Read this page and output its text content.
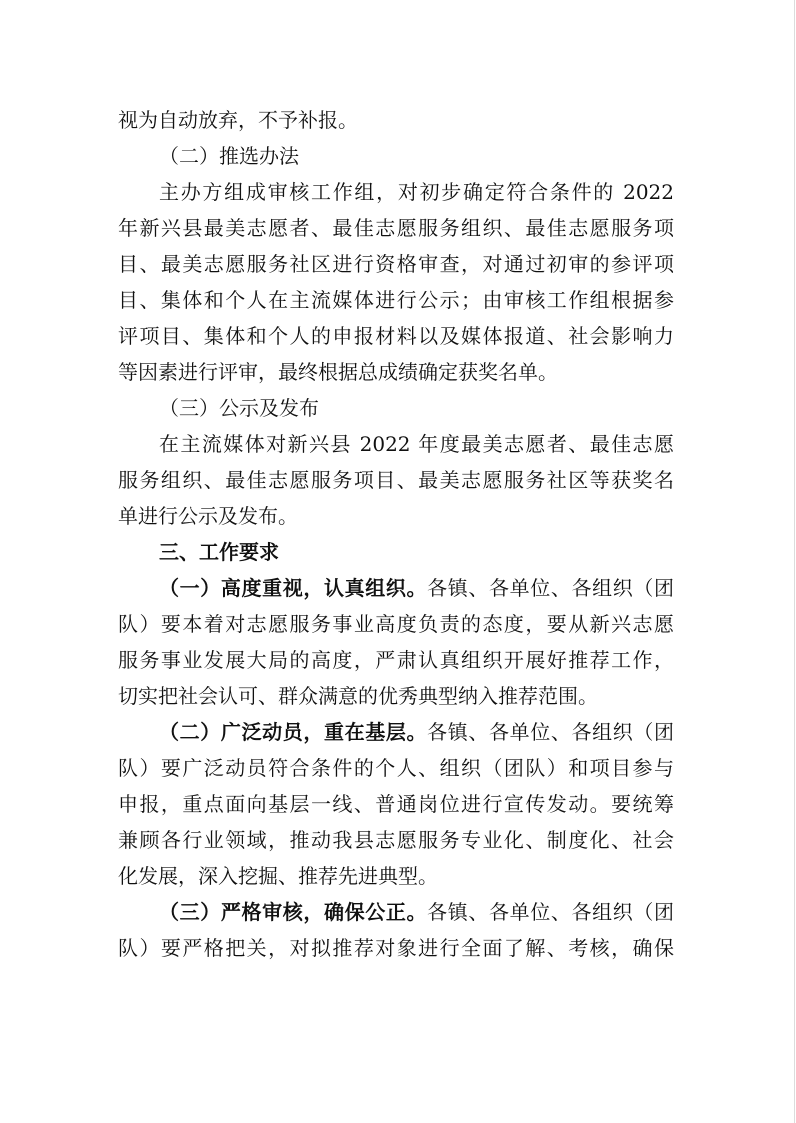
视为自动放弃，不予补报。
（二）推选办法
主办方组成审核工作组，对初步确定符合条件的 2022
年新兴县最美志愿者、最佳志愿服务组织、最佳志愿服务项
目、最美志愿服务社区进行资格审查，对通过初审的参评项
目、集体和个人在主流媒体进行公示；由审核工作组根据参
评项目、集体和个人的申报材料以及媒体报道、社会影响力
等因素进行评审，最终根据总成绩确定获奖名单。
（三）公示及发布
在主流媒体对新兴县 2022 年度最美志愿者、最佳志愿
服务组织、最佳志愿服务项目、最美志愿服务社区等获奖名
单进行公示及发布。
三、工作要求
（一）高度重视，认真组织。各镇、各单位、各组织（团
队）要本着对志愿服务事业高度负责的态度，要从新兴志愿
服务事业发展大局的高度，严肃认真组织开展好推荐工作，
切实把社会认可、群众满意的优秀典型纳入推荐范围。
（二）广泛动员，重在基层。各镇、各单位、各组织（团
队）要广泛动员符合条件的个人、组织（团队）和项目参与
申报，重点面向基层一线、普通岗位进行宣传发动。要统筹
兼顾各行业领域，推动我县志愿服务专业化、制度化、社会
化发展，深入挖掘、推荐先进典型。
（三）严格审核，确保公正。各镇、各单位、各组织（团
队）要严格把关，对拟推荐对象进行全面了解、考核，确保
